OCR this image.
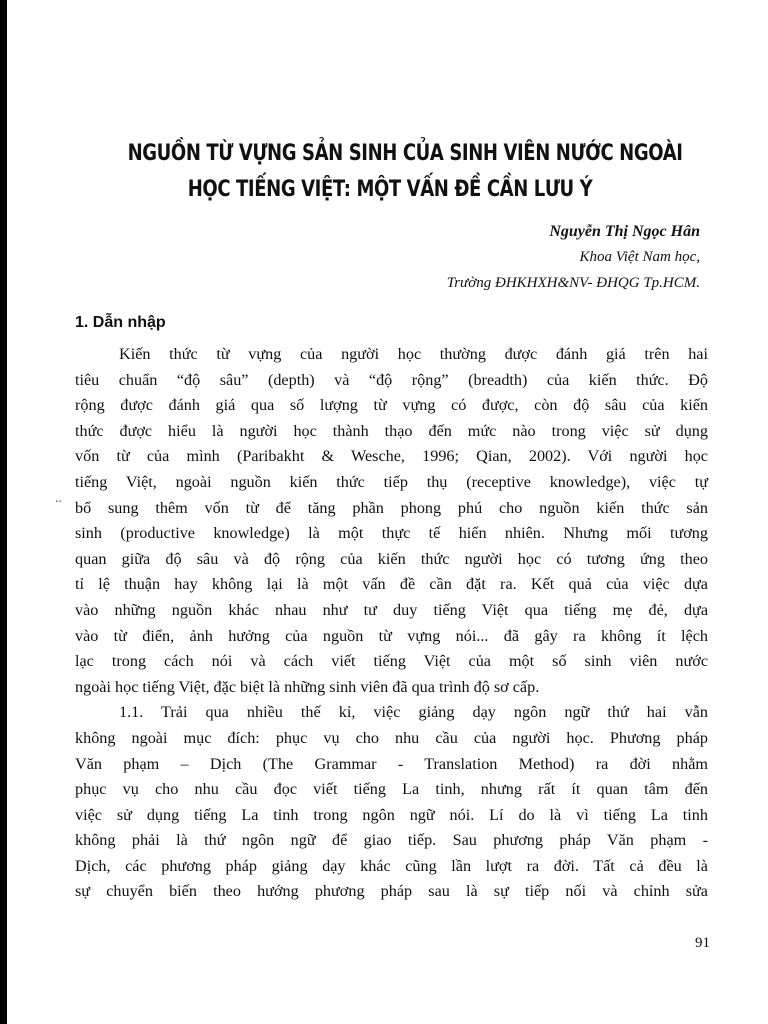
NGUỒN TỪ VỰNG SẢN SINH CỦA SINH VIÊN NƯỚC NGOÀI
HỌC TIẾNG VIỆT: MỘT VẤN ĐỀ CẦN LƯU Ý
Nguyễn Thị Ngọc Hân
Khoa Việt Nam học,
Trường ĐHKHXH&NV- ĐHQG Tp.HCM.
1. Dẫn nhập
..
Kiến thức từ vựng của người học thường được đánh giá trên hai
tiêu chuẩn “độ sâu” (depth) và “độ rộng” (breadth) của kiến thức. Độ
rộng được đánh giá qua số lượng từ vựng có được, còn độ sâu của kiến
thức được hiểu là người học thành thạo đến mức nào trong việc sử dụng
vốn từ của mình (Paribakht & Wesche, 1996; Qian, 2002). Với người học
tiếng Việt, ngoài nguồn kiến thức tiếp thụ (receptive knowledge), việc tự
bổ sung thêm vốn từ để tăng phần phong phú cho nguồn kiến thức sản
sinh (productive knowledge) là một thực tế hiển nhiên. Nhưng mối tương
quan giữa độ sâu và độ rộng của kiến thức người học có tương ứng theo
tỉ lệ thuận hay không lại là một vấn đề cần đặt ra. Kết quả của việc dựa
vào những nguồn khác nhau như tư duy tiếng Việt qua tiếng mẹ đẻ, dựa
vào từ điển, ảnh hưởng của nguồn từ vựng nói... đã gây ra không ít lệch
lạc trong cách nói và cách viết tiếng Việt của một số sinh viên nước
ngoài học tiếng Việt, đặc biệt là những sinh viên đã qua trình độ sơ cấp.
1.1. Trải qua nhiều thế kỉ, việc giảng dạy ngôn ngữ thứ hai vẫn
không ngoài mục đích: phục vụ cho nhu cầu của người học. Phương pháp
Văn phạm – Dịch (The Grammar - Translation Method) ra đời nhằm
phục vụ cho nhu cầu đọc viết tiếng La tinh, nhưng rất ít quan tâm đến
việc sử dụng tiếng La tinh trong ngôn ngữ nói. Lí do là vì tiếng La tinh
không phải là thứ ngôn ngữ để giao tiếp. Sau phương pháp Văn phạm -
Dịch, các phương pháp giảng dạy khác cũng lần lượt ra đời. Tất cả đều là
sự chuyển biến theo hướng phương pháp sau là sự tiếp nối và chỉnh sửa
91
